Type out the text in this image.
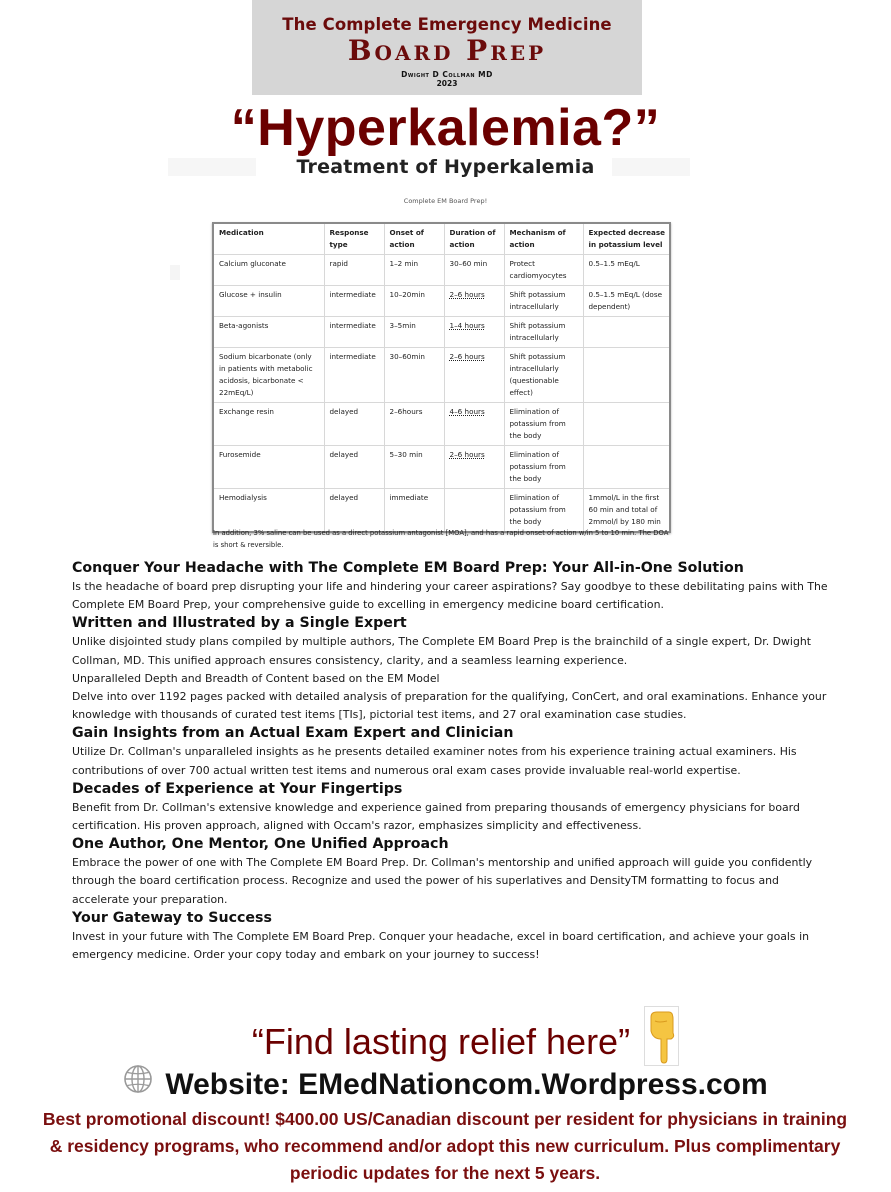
The Complete Emergency Medicine
Board Prep
Dwight D Collman MD
2023
“Hyperkalemia?”
Treatment of Hyperkalemia
Complete EM Board Prep!
Medication	Response type	Onset of action	Duration of action	Mechanism of action	Expected decrease in potassium level
Calcium gluconate	rapid	1–2 min	30–60 min	Protect cardiomyocytes	0.5–1.5 mEq/L
Glucose + insulin	intermediate	10–20min	2–6 hours	Shift potassium intracellularly	0.5–1.5 mEq/L (dose dependent)
Beta-agonists	intermediate	3–5min	1–4 hours	Shift potassium intracellularly	
Sodium bicarbonate (only in patients with metabolic acidosis, bicarbonate < 22mEq/L)	intermediate	30–60min	2–6 hours	Shift potassium intracellularly (questionable effect)	
Exchange resin	delayed	2–6hours	4–6 hours	Elimination of potassium from the body	
Furosemide	delayed	5–30 min	2–6 hours	Elimination of potassium from the body	
Hemodialysis	delayed	immediate		Elimination of potassium from the body	1mmol/L in the first 60 min and total of 2mmol/l by 180 min
In addition, 3% saline can be used as a direct potassium antagonist [MOA], and has a rapid onset of action w/in 5 to 10 min. The DOA is short & reversible.
Conquer Your Headache with The Complete EM Board Prep: Your All-in-One Solution

Is the headache of board prep disrupting your life and hindering your career aspirations? Say goodbye to these debilitating pains with The Complete EM Board Prep, your comprehensive guide to excelling in emergency medicine board certification.

Written and Illustrated by a Single Expert

Unlike disjointed study plans compiled by multiple authors, The Complete EM Board Prep is the brainchild of a single expert, Dr. Dwight Collman, MD. This unified approach ensures consistency, clarity, and a seamless learning experience.

Unparalleled Depth and Breadth of Content based on the EM Model

Delve into over 1192 pages packed with detailed analysis of preparation for the qualifying, ConCert, and oral examinations. Enhance your knowledge with thousands of curated test items [TIs], pictorial test items, and 27 oral examination case studies.

Gain Insights from an Actual Exam Expert and Clinician

Utilize Dr. Collman's unparalleled insights as he presents detailed examiner notes from his experience training actual examiners. His contributions of over 700 actual written test items and numerous oral exam cases provide invaluable real-world expertise.

Decades of Experience at Your Fingertips

Benefit from Dr. Collman's extensive knowledge and experience gained from preparing thousands of emergency physicians for board certification. His proven approach, aligned with Occam's razor, emphasizes simplicity and effectiveness.

One Author, One Mentor, One Unified Approach

Embrace the power of one with The Complete EM Board Prep. Dr. Collman's mentorship and unified approach will guide you confidently through the board certification process. Recognize and used the power of his superlatives and DensityTM formatting to focus and accelerate your preparation.

Your Gateway to Success

Invest in your future with The Complete EM Board Prep. Conquer your headache, excel in board certification, and achieve your goals in emergency medicine. Order your copy today and embark on your journey to success!

“Find lasting relief here”
Website: EMedNationcom.Wordpress.com
Best promotional discount! $400.00 US/Canadian discount per resident for physicians in training & residency programs, who recommend and/or adopt this new curriculum. Plus complimentary periodic updates for the next 5 years.
